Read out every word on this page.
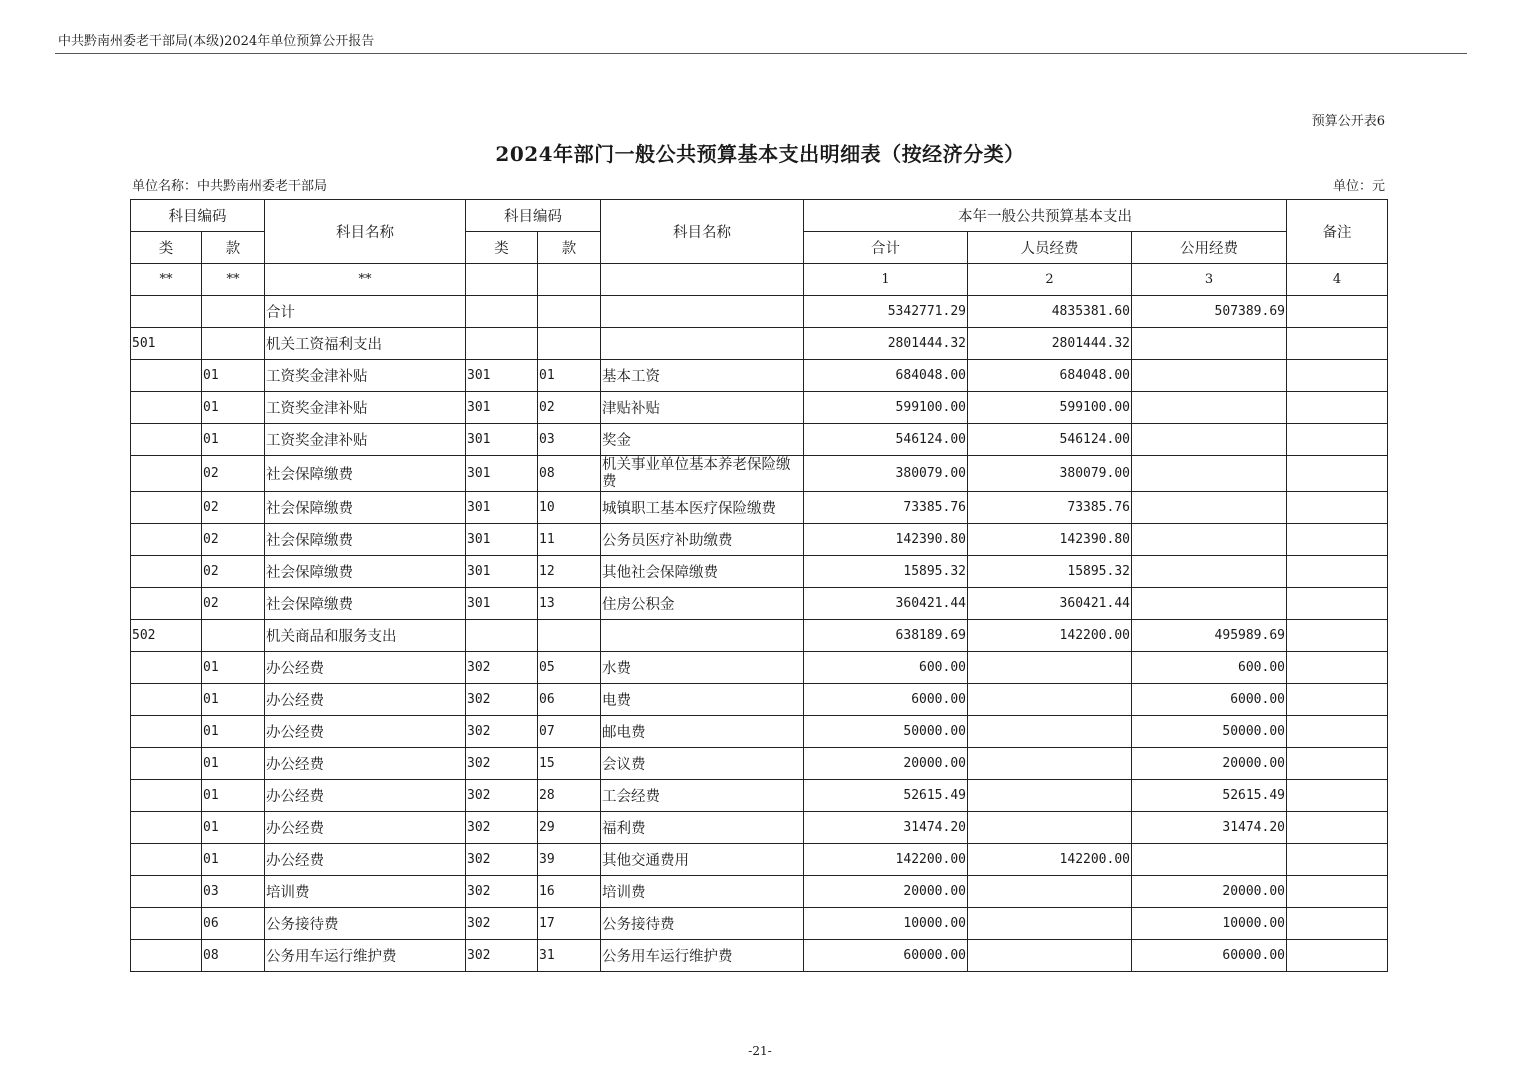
中共黔南州委老干部局(本级)2024年单位预算公开报告
预算公开表6
2024年部门一般公共预算基本支出明细表（按经济分类）
单位名称：中共黔南州委老干部局	单位：元
科目编码		科目名称	科目编码		科目名称	本年一般公共预算基本支出			备注
类	款		类	款		合计	人员经费	公用经费	
**	**	**				1	2	3	4
		合计				5342771.29	4835381.60	507389.69	
501		机关工资福利支出				2801444.32	2801444.32		
	01	工资奖金津补贴	301	01	基本工资	684048.00	684048.00		
	01	工资奖金津补贴	301	02	津贴补贴	599100.00	599100.00		
	01	工资奖金津补贴	301	03	奖金	546124.00	546124.00		
	02	社会保障缴费	301	08	机关事业单位基本养老保险缴费	380079.00	380079.00		
	02	社会保障缴费	301	10	城镇职工基本医疗保险缴费	73385.76	73385.76		
	02	社会保障缴费	301	11	公务员医疗补助缴费	142390.80	142390.80		
	02	社会保障缴费	301	12	其他社会保障缴费	15895.32	15895.32		
	02	社会保障缴费	301	13	住房公积金	360421.44	360421.44		
502		机关商品和服务支出				638189.69	142200.00	495989.69	
	01	办公经费	302	05	水费	600.00		600.00	
	01	办公经费	302	06	电费	6000.00		6000.00	
	01	办公经费	302	07	邮电费	50000.00		50000.00	
	01	办公经费	302	15	会议费	20000.00		20000.00	
	01	办公经费	302	28	工会经费	52615.49		52615.49	
	01	办公经费	302	29	福利费	31474.20		31474.20	
	01	办公经费	302	39	其他交通费用	142200.00	142200.00		
	03	培训费	302	16	培训费	20000.00		20000.00	
	06	公务接待费	302	17	公务接待费	10000.00		10000.00	
	08	公务用车运行维护费	302	31	公务用车运行维护费	60000.00		60000.00	
-21-
